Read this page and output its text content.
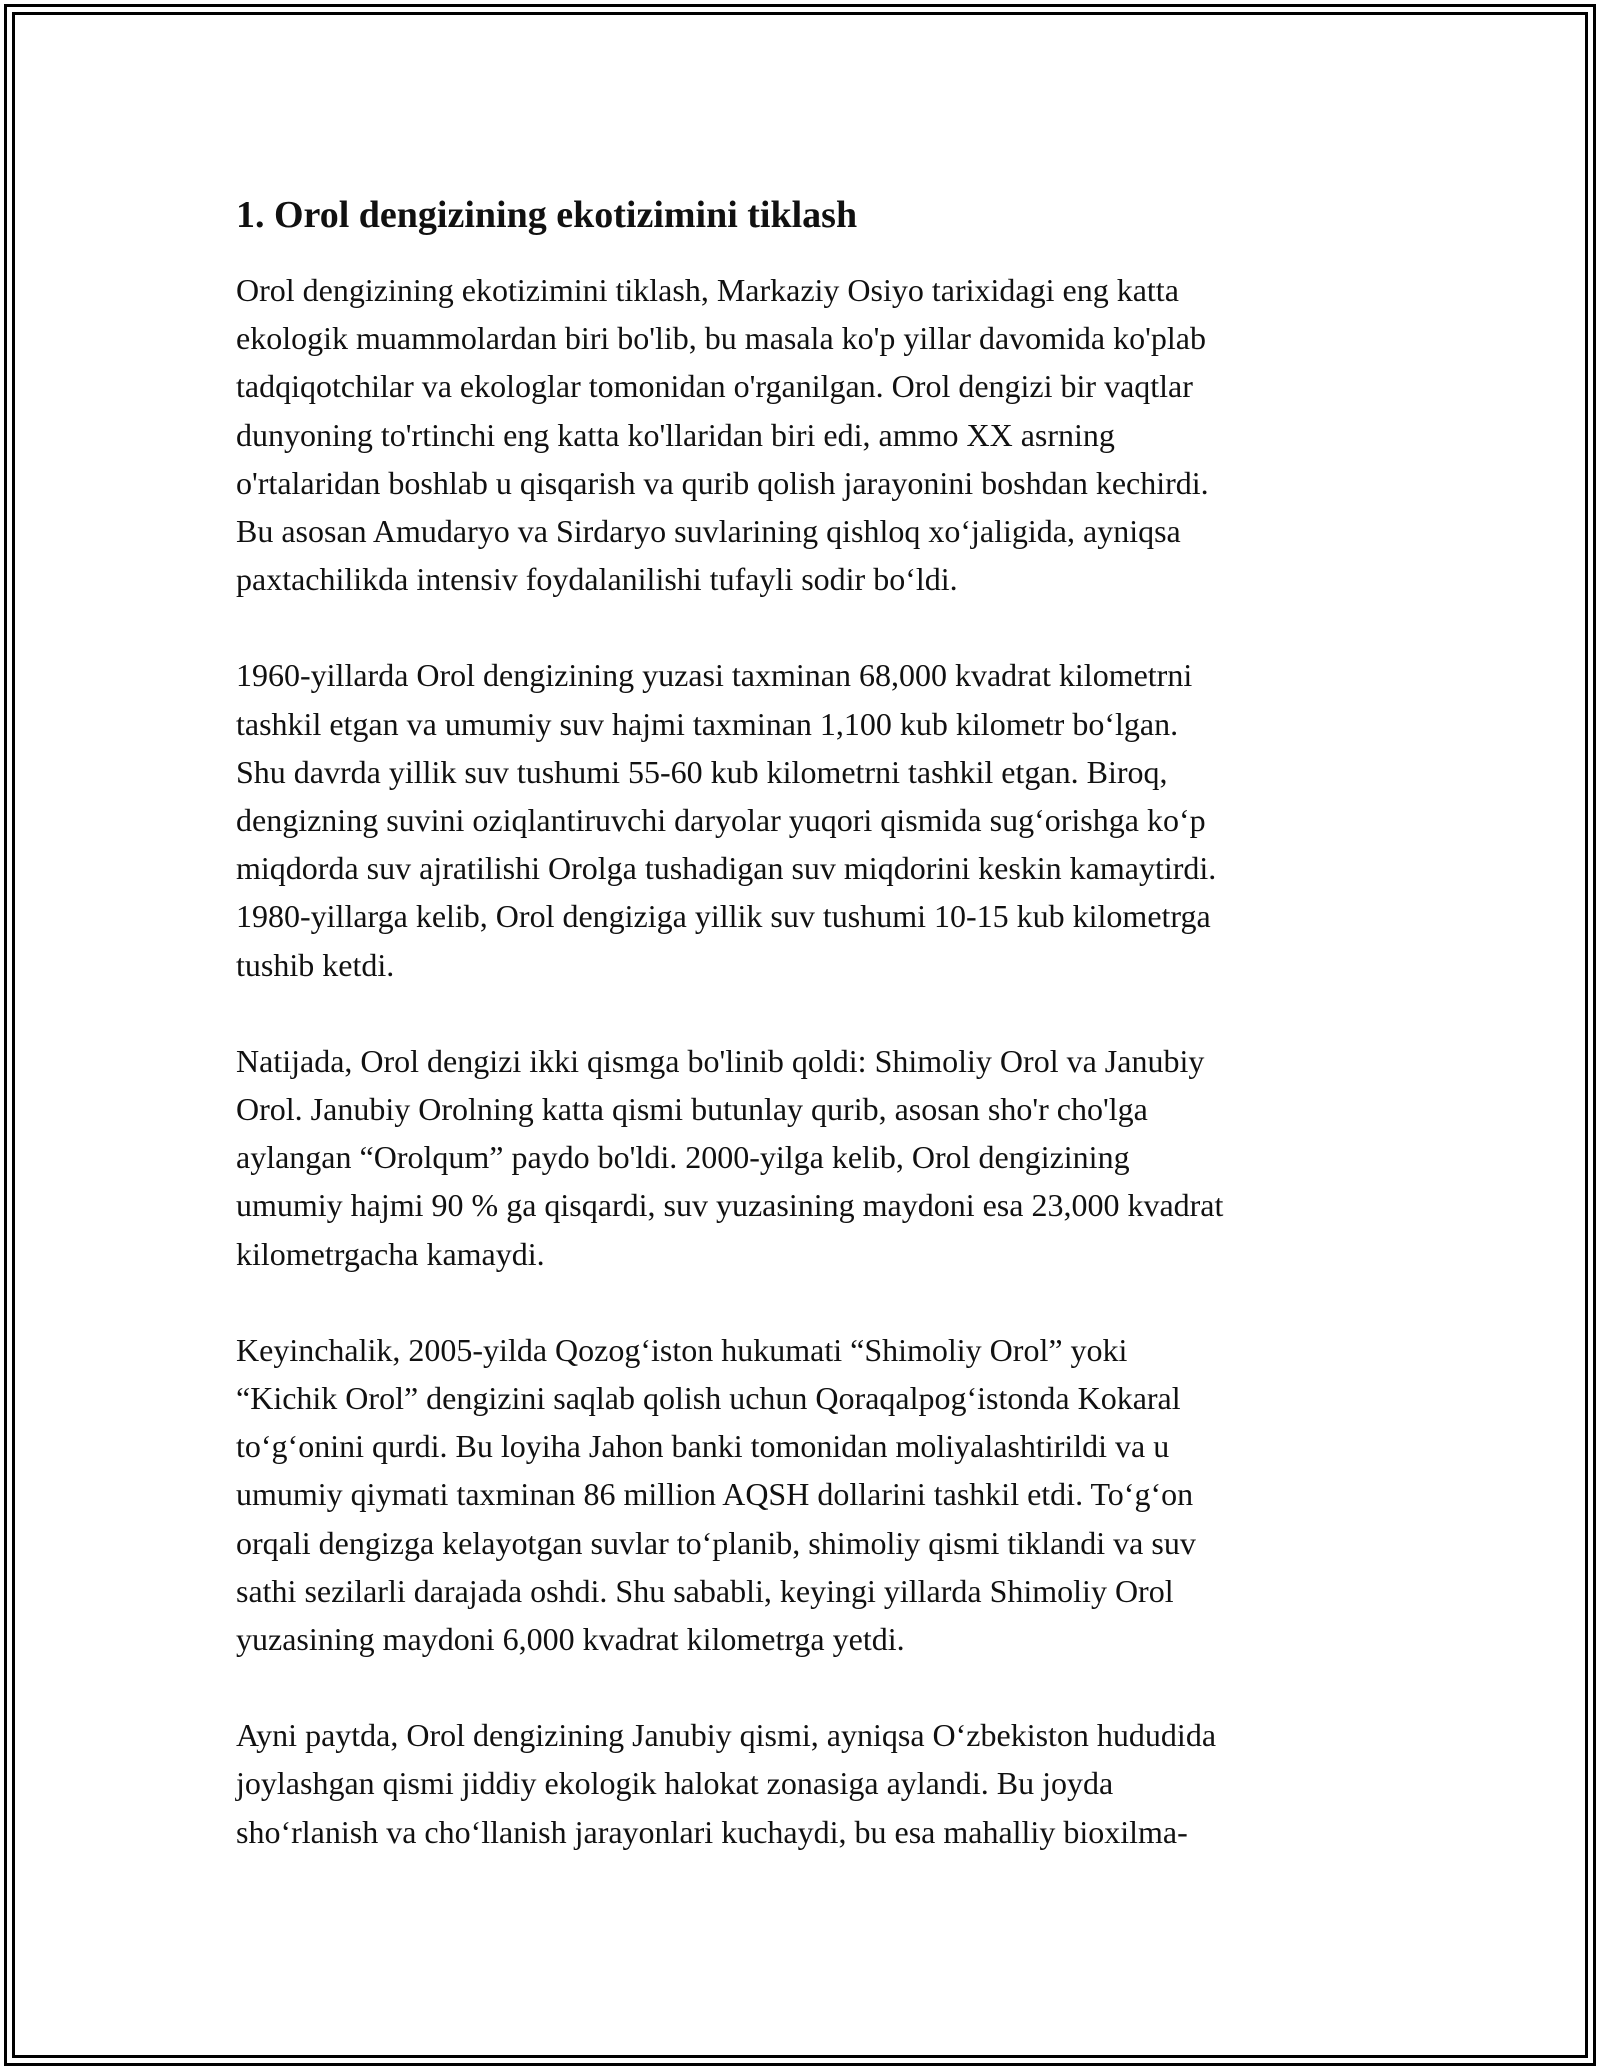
1. Orol dengizining ekotizimini tiklash

Orol dengizining ekotizimini tiklash, Markaziy Osiyo tarixidagi eng katta
ekologik muammolardan biri bo'lib, bu masala ko'p yillar davomida ko'plab
tadqiqotchilar va ekologlar tomonidan o'rganilgan. Orol dengizi bir vaqtlar
dunyoning to'rtinchi eng katta ko'llaridan biri edi, ammo XX asrning
o'rtalaridan boshlab u qisqarish va qurib qolish jarayonini boshdan kechirdi.
Bu asosan Amudaryo va Sirdaryo suvlarining qishloq xo‘jaligida, ayniqsa
paxtachilikda intensiv foydalanilishi tufayli sodir bo‘ldi.

1960-yillarda Orol dengizining yuzasi taxminan 68,000 kvadrat kilometrni
tashkil etgan va umumiy suv hajmi taxminan 1,100 kub kilometr bo‘lgan.
Shu davrda yillik suv tushumi 55-60 kub kilometrni tashkil etgan. Biroq,
dengizning suvini oziqlantiruvchi daryolar yuqori qismida sug‘orishga ko‘p
miqdorda suv ajratilishi Orolga tushadigan suv miqdorini keskin kamaytirdi.
1980-yillarga kelib, Orol dengiziga yillik suv tushumi 10-15 kub kilometrga
tushib ketdi.

Natijada, Orol dengizi ikki qismga bo'linib qoldi: Shimoliy Orol va Janubiy
Orol. Janubiy Orolning katta qismi butunlay qurib, asosan sho'r cho'lga
aylangan “Orolqum” paydo bo'ldi. 2000-yilga kelib, Orol dengizining
umumiy hajmi 90 % ga qisqardi, suv yuzasining maydoni esa 23,000 kvadrat
kilometrgacha kamaydi.

Keyinchalik, 2005-yilda Qozog‘iston hukumati “Shimoliy Orol” yoki
“Kichik Orol” dengizini saqlab qolish uchun Qoraqalpog‘istonda Kokaral
to‘g‘onini qurdi. Bu loyiha Jahon banki tomonidan moliyalashtirildi va u
umumiy qiymati taxminan 86 million AQSH dollarini tashkil etdi. To‘g‘on
orqali dengizga kelayotgan suvlar to‘planib, shimoliy qismi tiklandi va suv
sathi sezilarli darajada oshdi. Shu sababli, keyingi yillarda Shimoliy Orol
yuzasining maydoni 6,000 kvadrat kilometrga yetdi.

Ayni paytda, Orol dengizining Janubiy qismi, ayniqsa O‘zbekiston hududida
joylashgan qismi jiddiy ekologik halokat zonasiga aylandi. Bu joyda
sho‘rlanish va cho‘llanish jarayonlari kuchaydi, bu esa mahalliy bioxilma-
